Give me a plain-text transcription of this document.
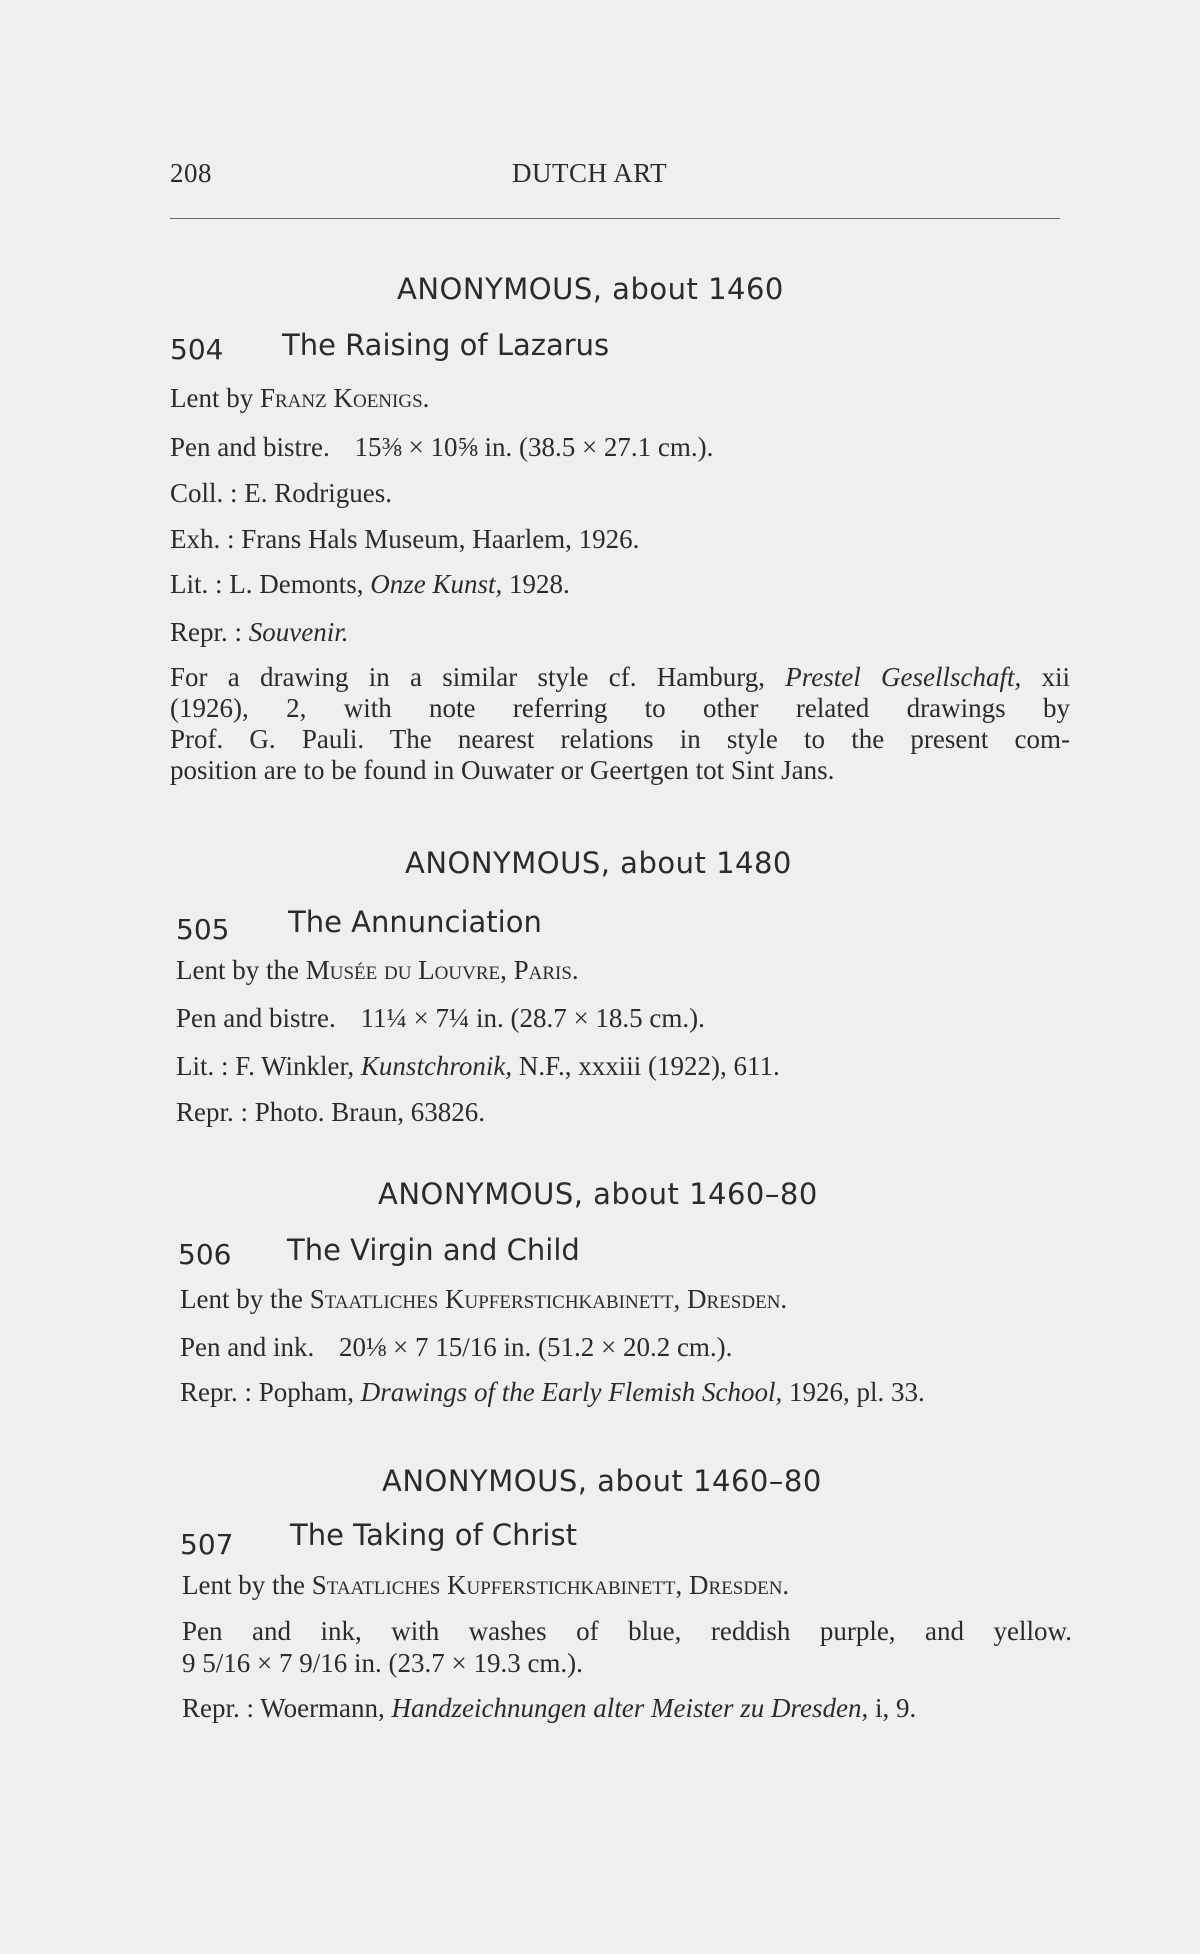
208	DUTCH ART
ANONYMOUS, about 1460
504 The Raising of Lazarus
Lent by Franz Koenigs.
Pen and bistre. 15⅜ × 10⅝ in. (38.5 × 27.1 cm.).
Coll. : E. Rodrigues.
Exh. : Frans Hals Museum, Haarlem, 1926.
Lit. : L. Demonts, Onze Kunst, 1928.
Repr. : Souvenir.
For a drawing in a similar style cf. Hamburg, Prestel Gesellschaft, xii
(1926), 2, with note referring to other related drawings by
Prof. G. Pauli. The nearest relations in style to the present com-
position are to be found in Ouwater or Geertgen tot Sint Jans.
ANONYMOUS, about 1480
505 The Annunciation
Lent by the Musée du Louvre, Paris.
Pen and bistre. 11¼ × 7¼ in. (28.7 × 18.5 cm.).
Lit. : F. Winkler, Kunstchronik, N.F., xxxiii (1922), 611.
Repr. : Photo. Braun, 63826.
ANONYMOUS, about 1460–80
506 The Virgin and Child
Lent by the Staatliches Kupferstichkabinett, Dresden.
Pen and ink. 20⅛ × 7 15/16 in. (51.2 × 20.2 cm.).
Repr. : Popham, Drawings of the Early Flemish School, 1926, pl. 33.
ANONYMOUS, about 1460–80
507 The Taking of Christ
Lent by the Staatliches Kupferstichkabinett, Dresden.
Pen and ink, with washes of blue, reddish purple, and yellow.
9 5/16 × 7 9/16 in. (23.7 × 19.3 cm.).
Repr. : Woermann, Handzeichnungen alter Meister zu Dresden, i, 9.
